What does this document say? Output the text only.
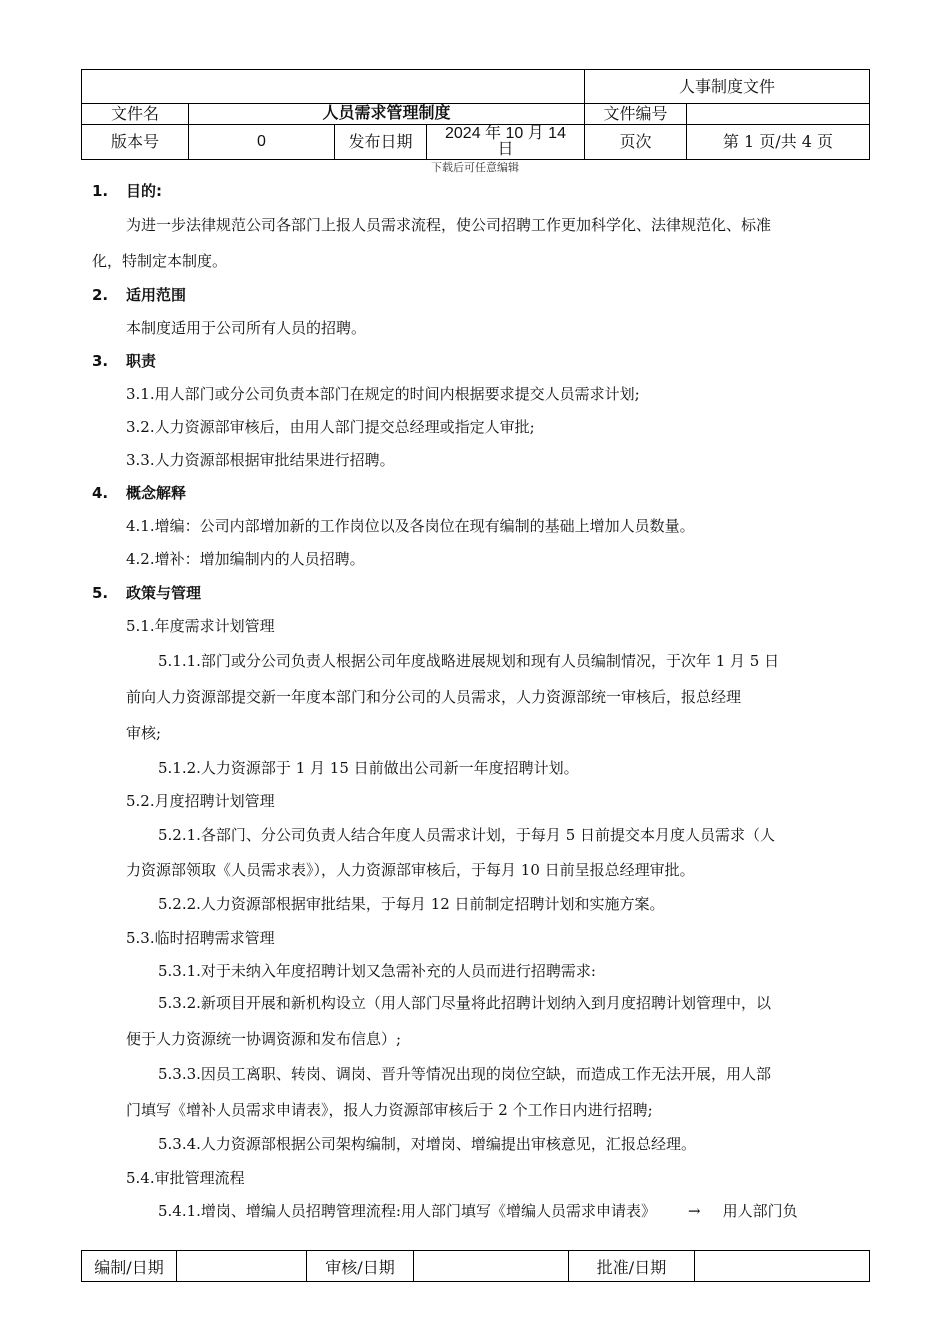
				人事制度文件	
文件名	人员需求管理制度			文件编号	
版本号	0	发布日期	2024 年 10 月 14 日	页次	第 1 页/共 4 页
下载后可任意编辑
1. 目的:
为进一步法律规范公司各部门上报人员需求流程，使公司招聘工作更加科学化、法律规范化、标准
化，特制定本制度。
2. 适用范围
本制度适用于公司所有人员的招聘。
3. 职责
3.1.用人部门或分公司负责本部门在规定的时间内根据要求提交人员需求计划;
3.2.人力资源部审核后，由用人部门提交总经理或指定人审批;
3.3.人力资源部根据审批结果进行招聘。
4. 概念解释
4.1.增编：公司内部增加新的工作岗位以及各岗位在现有编制的基础上增加人员数量。
4.2.增补：增加编制内的人员招聘。
5. 政策与管理
5.1.年度需求计划管理
5.1.1.部门或分公司负责人根据公司年度战略进展规划和现有人员编制情况，于次年 1 月 5 日
前向人力资源部提交新一年度本部门和分公司的人员需求，人力资源部统一审核后，报总经理
审核;
5.1.2.人力资源部于 1 月 15 日前做出公司新一年度招聘计划。
5.2.月度招聘计划管理
5.2.1.各部门、分公司负责人结合年度人员需求计划，于每月 5 日前提交本月度人员需求（人
力资源部领取《人员需求表》），人力资源部审核后，于每月 10 日前呈报总经理审批。
5.2.2.人力资源部根据审批结果，于每月 12 日前制定招聘计划和实施方案。
5.3.临时招聘需求管理
5.3.1.对于未纳入年度招聘计划又急需补充的人员而进行招聘需求:
5.3.2.新项目开展和新机构设立（用人部门尽量将此招聘计划纳入到月度招聘计划管理中，以
便于人力资源统一协调资源和发布信息）;
5.3.3.因员工离职、转岗、调岗、晋升等情况出现的岗位空缺，而造成工作无法开展，用人部
门填写《增补人员需求申请表》，报人力资源部审核后于 2 个工作日内进行招聘;
5.3.4.人力资源部根据公司架构编制，对增岗、增编提出审核意见，汇报总经理。
5.4.审批管理流程
5.4.1.增岗、增编人员招聘管理流程:用人部门填写《增编人员需求申请表》 → 用人部门负
编制/日期		审核/日期		批准/日期	
